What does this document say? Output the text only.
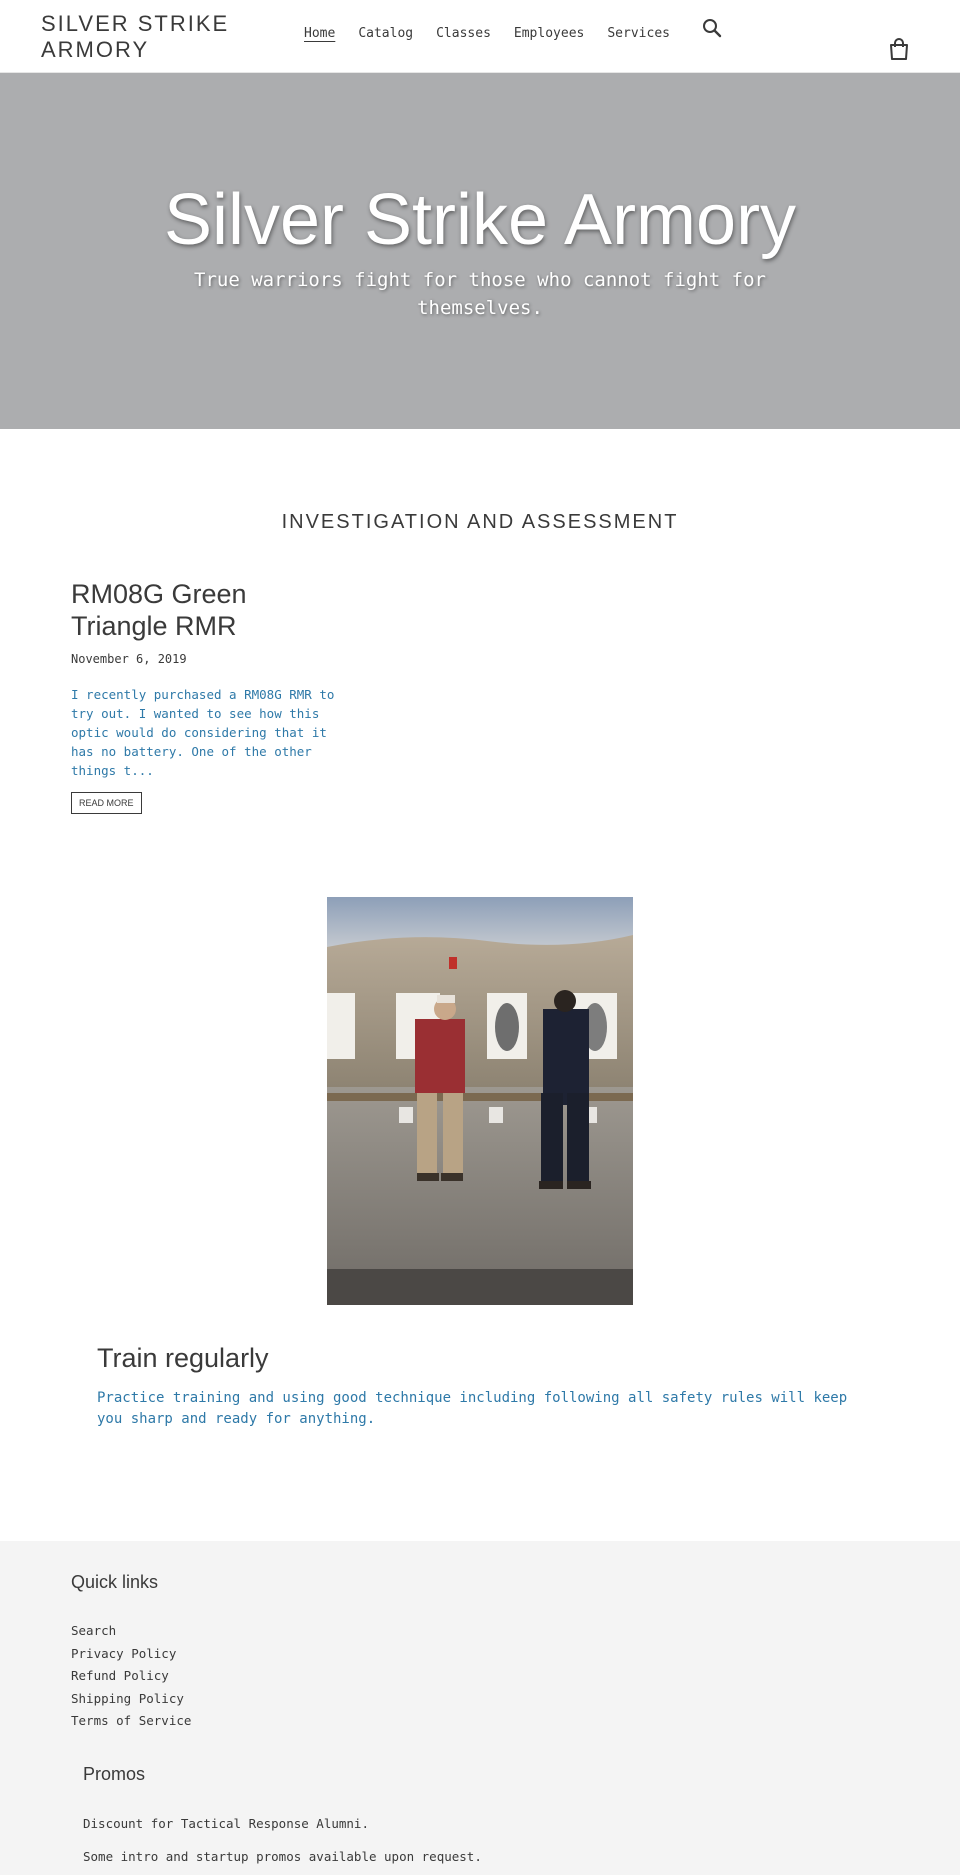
SILVER STRIKE ARMORY
Home Catalog Classes Employees Services
Silver Strike Armory
True warriors fight for those who cannot fight for themselves.
INVESTIGATION AND ASSESSMENT
RM08G Green Triangle RMR
November 6, 2019
I recently purchased a RM08G RMR to try out. I wanted to see how this optic would do considering that it has no battery. One of the other things t...
READ MORE
Train regularly
Practice training and using good technique including following all safety rules will keep you sharp and ready for anything.
Quick links
Search
Privacy Policy
Refund Policy
Shipping Policy
Terms of Service
Promos
Discount for Tactical Response Alumni.
Some intro and startup promos available upon request.
